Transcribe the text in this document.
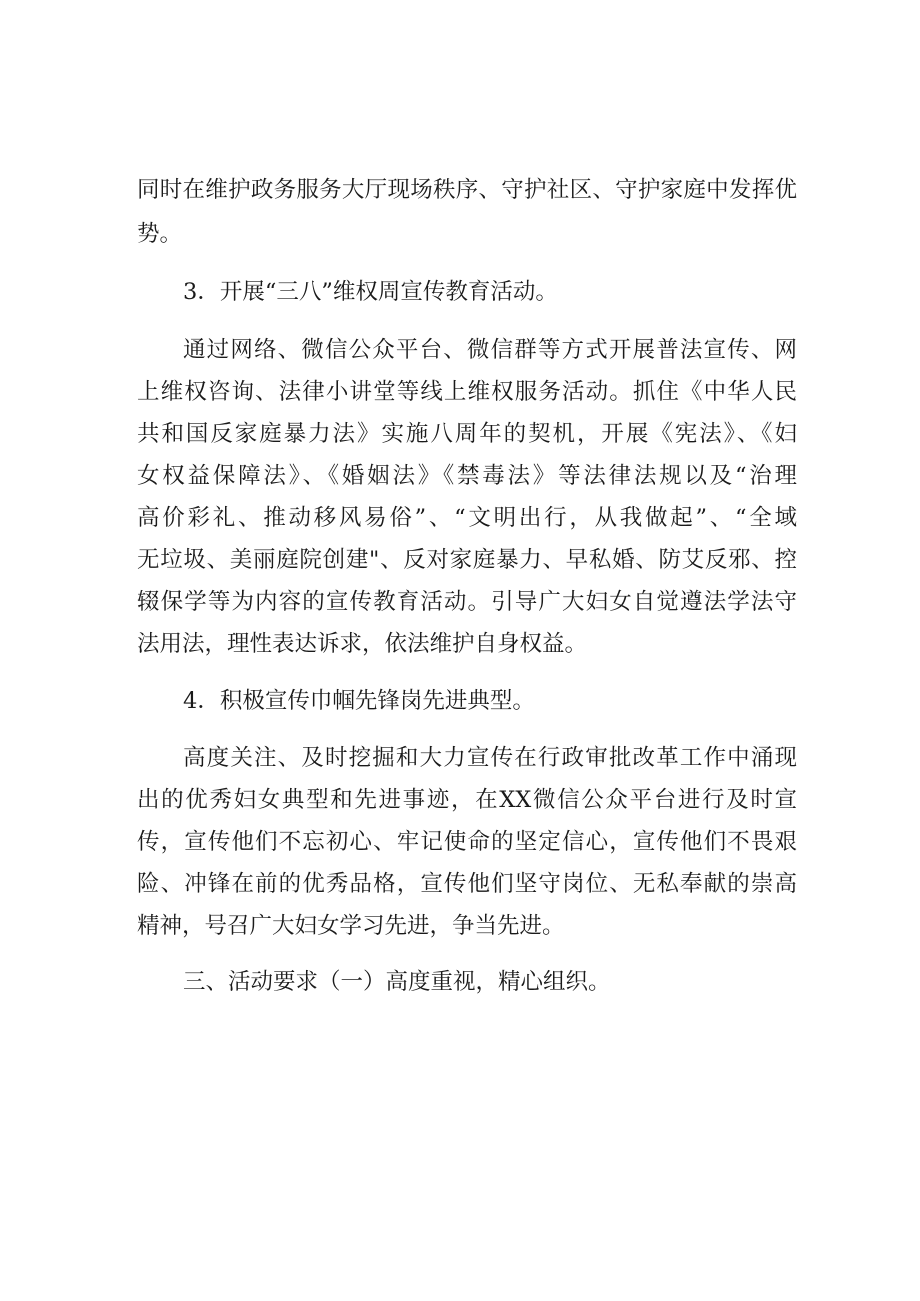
同时在维护政务服务大厅现场秩序、守护社区、守护家庭中发挥优
势。
3．开展“三八”维权周宣传教育活动。
通过网络、微信公众平台、微信群等方式开展普法宣传、网
上维权咨询、法律小讲堂等线上维权服务活动。抓住《中华人民
共和国反家庭暴力法》实施八周年的契机，开展《宪法》、《妇
女权益保障法》、《婚姻法》《禁毒法》等法律法规以及“治理
高价彩礼、推动移风易俗”、“文明出行，从我做起”、“全域
无垃圾、美丽庭院创建"、反对家庭暴力、早私婚、防艾反邪、控
辍保学等为内容的宣传教育活动。引导广大妇女自觉遵法学法守
法用法，理性表达诉求，依法维护自身权益。
4．积极宣传巾帼先锋岗先进典型。
高度关注、及时挖掘和大力宣传在行政审批改革工作中涌现
出的优秀妇女典型和先进事迹，在XX微信公众平台进行及时宣
传，宣传他们不忘初心、牢记使命的坚定信心，宣传他们不畏艰
险、冲锋在前的优秀品格，宣传他们坚守岗位、无私奉献的崇高
精神，号召广大妇女学习先进，争当先进。
三、活动要求（一）高度重视，精心组织。
